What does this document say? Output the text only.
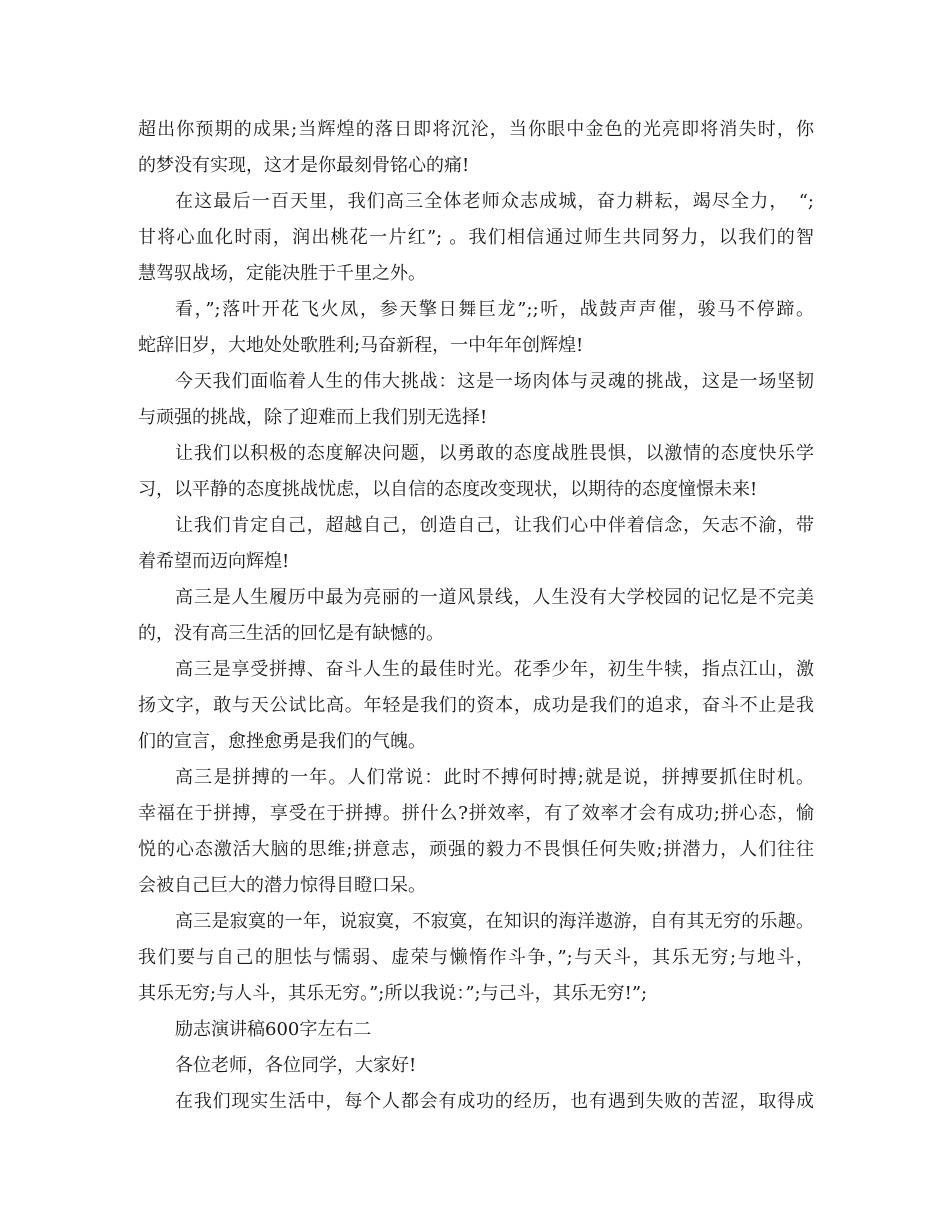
超出你预期的成果;当辉煌的落日即将沉沦，当你眼中金色的光亮即将消失时，你
的梦没有实现，这才是你最刻骨铭心的痛!
在这最后一百天里，我们高三全体老师众志成城，奋力耕耘，竭尽全力，　“;
甘将心血化时雨，润出桃花一片红”; 。我们相信通过师生共同努力，以我们的智
慧驾驭战场，定能决胜于千里之外。
看，”;落叶开花飞火凤，参天擎日舞巨龙”;;听，战鼓声声催，骏马不停蹄。
蛇辞旧岁，大地处处歌胜利;马奋新程，一中年年创辉煌!
今天我们面临着人生的伟大挑战：这是一场肉体与灵魂的挑战，这是一场坚韧
与顽强的挑战，除了迎难而上我们别无选择!
让我们以积极的态度解决问题，以勇敢的态度战胜畏惧，以激情的态度快乐学
习，以平静的态度挑战忧虑，以自信的态度改变现状，以期待的态度憧憬未来!
让我们肯定自己，超越自己，创造自己，让我们心中伴着信念，矢志不渝，带
着希望而迈向辉煌!
高三是人生履历中最为亮丽的一道风景线，人生没有大学校园的记忆是不完美
的，没有高三生活的回忆是有缺憾的。
高三是享受拼搏、奋斗人生的最佳时光。花季少年，初生牛犊，指点江山，激
扬文字，敢与天公试比高。年轻是我们的资本，成功是我们的追求，奋斗不止是我
们的宣言，愈挫愈勇是我们的气魄。
高三是拼搏的一年。人们常说：此时不搏何时搏;就是说，拼搏要抓住时机。
幸福在于拼搏，享受在于拼搏。拼什么?拼效率，有了效率才会有成功;拼心态，愉
悦的心态激活大脑的思维;拼意志，顽强的毅力不畏惧任何失败;拼潜力，人们往往
会被自己巨大的潜力惊得目瞪口呆。
高三是寂寞的一年，说寂寞，不寂寞，在知识的海洋遨游，自有其无穷的乐趣。
我们要与自己的胆怯与懦弱、虚荣与懒惰作斗争，”;与天斗，其乐无穷;与地斗，
其乐无穷;与人斗，其乐无穷。”;所以我说：”;与己斗，其乐无穷!”;
励志演讲稿600字左右二
各位老师，各位同学，大家好!
在我们现实生活中，每个人都会有成功的经历，也有遇到失败的苦涩，取得成
